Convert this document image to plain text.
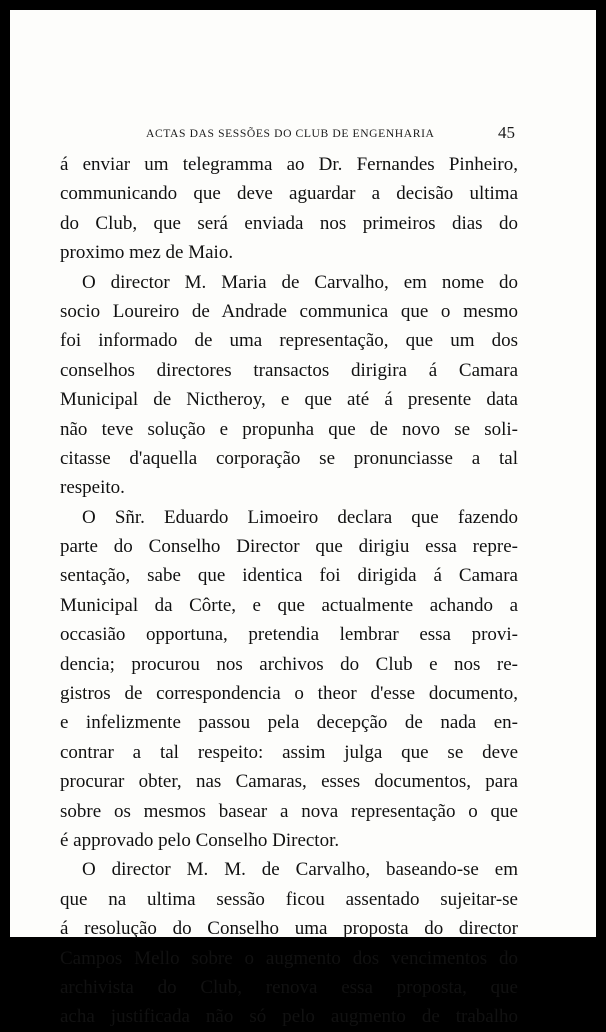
ACTAS DAS SESSÕES DO CLUB DE ENGENHARIA	45

á enviar um telegramma ao Dr. Fernandes Pinheiro,
communicando que deve aguardar a decisão ultima
do Club, que será enviada nos primeiros dias do
proximo mez de Maio.

O director M. Maria de Carvalho, em nome do
socio Loureiro de Andrade communica que o mesmo
foi informado de uma representação, que um dos
conselhos directores transactos dirigira á Camara
Municipal de Nictheroy, e que até á presente data
não teve solução e propunha que de novo se soli-
citasse d'aquella corporação se pronunciasse a tal
respeito.

O Sñr. Eduardo Limoeiro declara que fazendo
parte do Conselho Director que dirigiu essa repre-
sentação, sabe que identica foi dirigida á Camara
Municipal da Côrte, e que actualmente achando a
occasião opportuna, pretendia lembrar essa provi-
dencia; procurou nos archivos do Club e nos re-
gistros de correspondencia o theor d'esse documento,
e infelizmente passou pela decepção de nada en-
contrar a tal respeito: assim julga que se deve
procurar obter, nas Camaras, esses documentos, para
sobre os mesmos basear a nova representação o que
é approvado pelo Conselho Director.

O director M. M. de Carvalho, baseando-se em
que na ultima sessão ficou assentado sujeitar-se
á resolução do Conselho uma proposta do director
Campos Mello sobre o augmento dos vencimentos do
archivista do Club, renova essa proposta, que
acha justificada não só pelo augmento de trabalho
